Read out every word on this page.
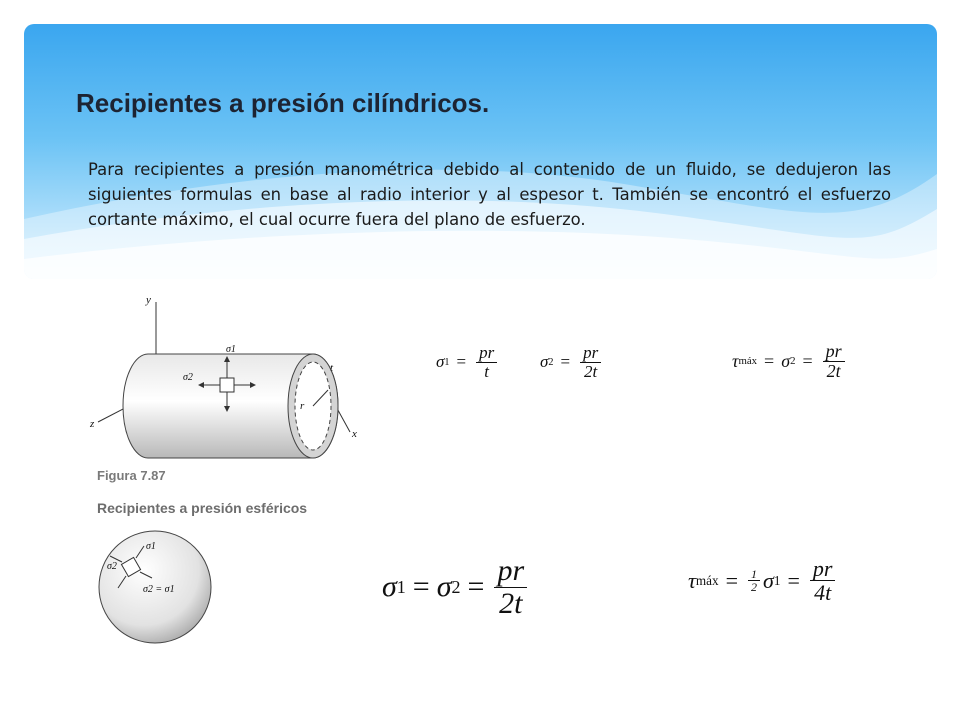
Recipientes a presión cilíndricos.

Para recipientes a presión manométrica debido al contenido de un fluido, se dedujeron las siguientes formulas en base al radio interior y al espesor t. También se encontró el esfuerzo cortante máximo, el cual ocurre fuera del plano de esfuerzo.

y
x
z
σ1
σ2
r
t	σ $1 = \frac{pr}{t}$	σ $2 = \frac{pr}{2t}$	τ máx = σ $2 = \frac{pr}{2t}$
Figura 7.87
Recipientes a presión esféricos
σ1
σ2
σ2 = σ1	σ 1 = σ $2 = \frac{pr}{2t}$	τ máx = $\frac{1}{2}$ σ $1 = \frac{pr}{4t}$
